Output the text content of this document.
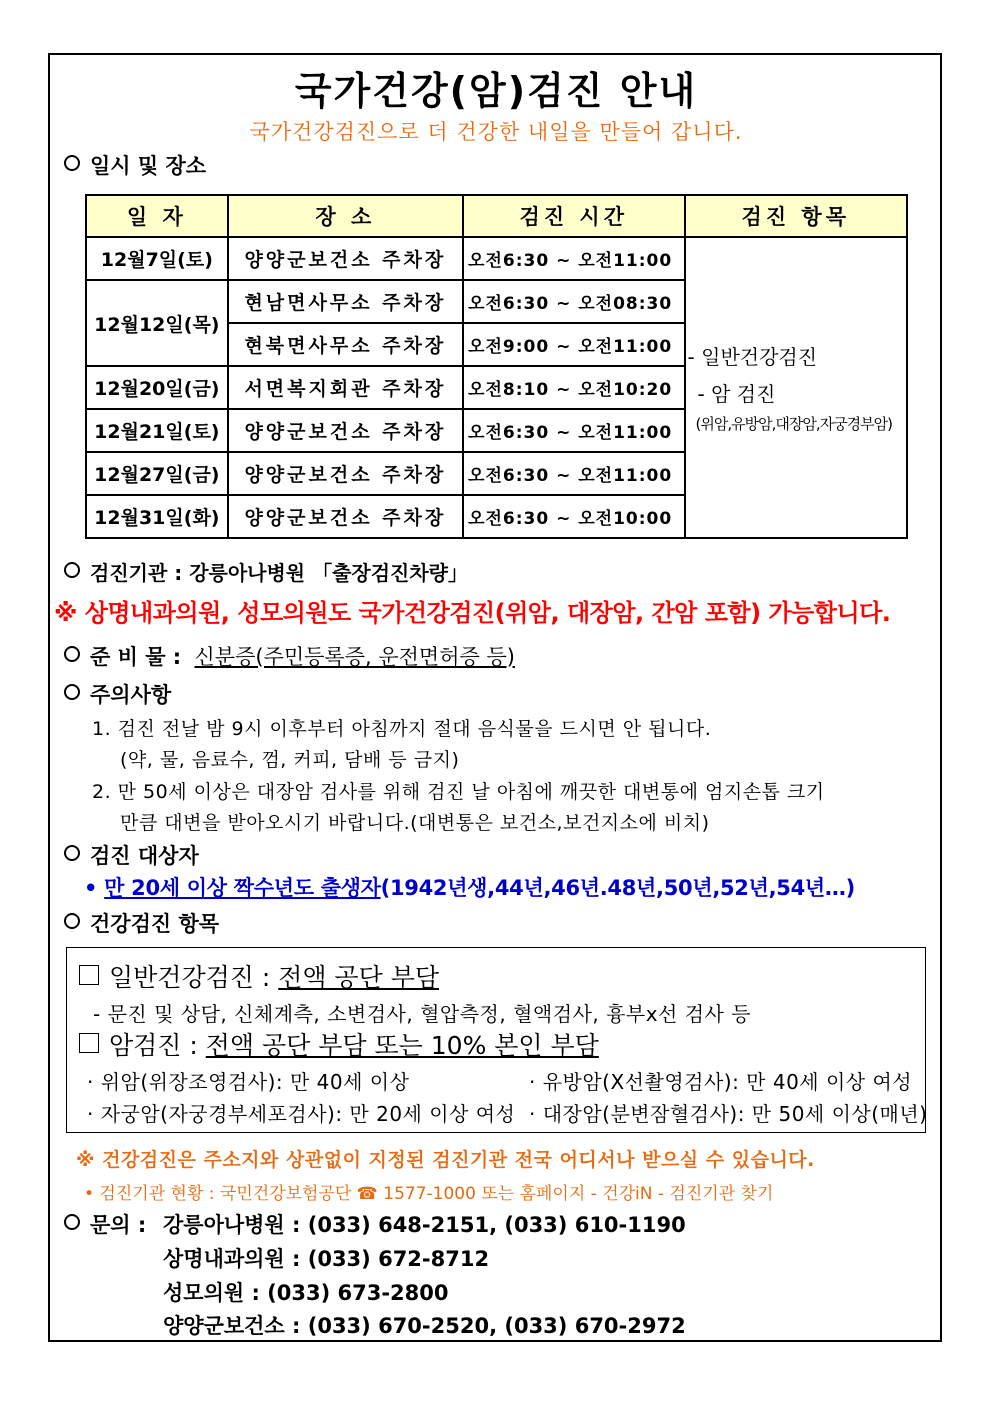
국가건강(암)검진 안내
국가건강검진으로 더 건강한 내일을 만들어 갑니다.
일시 및 장소
일 자	장 소	검진 시간	검진 항목
12월7일(토)	양양군보건소 주차장	오전6:30 ~ 오전11:00	- 일반건강검진
- 암 검진
(위암,유방암,대장암,자궁경부암)

12월12일(목)	현남면사무소 주차장	오전6:30 ~ 오전08:30	
	현북면사무소 주차장	오전9:00 ~ 오전11:00	
12월20일(금)	서면복지회관 주차장	오전8:10 ~ 오전10:20	
12월21일(토)	양양군보건소 주차장	오전6:30 ~ 오전11:00	
12월27일(금)	양양군보건소 주차장	오전6:30 ~ 오전11:00	
12월31일(화)	양양군보건소 주차장	오전6:30 ~ 오전10:00	
검진기관 : 강릉아나병원 「출장검진차량」
※ 상명내과의원, 성모의원도 국가건강검진(위암, 대장암, 간암 포함) 가능합니다.
준 비 물 : 신분증(주민등록증, 운전면허증 등)
주의사항
1. 검진 전날 밤 9시 이후부터 아침까지 절대 음식물을 드시면 안 됩니다.
(약, 물, 음료수, 껌, 커피, 담배 등 금지)
2. 만 50세 이상은 대장암 검사를 위해 검진 날 아침에 깨끗한 대변통에 엄지손톱 크기
만큼 대변을 받아오시기 바랍니다.(대변통은 보건소,보건지소에 비치)
검진 대상자
• 만 20세 이상 짝수년도 출생자(1942년생,44년,46년.48년,50년,52년,54년…)
건강검진 항목
일반건강검진 : 전액 공단 부담
- 문진 및 상담, 신체계측, 소변검사, 혈압측정, 혈액검사, 흉부x선 검사 등
암검진 : 전액 공단 부담 또는 10% 본인 부담
· 위암(위장조영검사): 만 40세 이상	· 유방암(X선촬영검사): 만 40세 이상 여성
· 자궁암(자궁경부세포검사): 만 20세 이상 여성 · 대장암(분변잠혈검사): 만 50세 이상(매년)
※ 건강검진은 주소지와 상관없이 지정된 검진기관 전국 어디서나 받으실 수 있습니다.
• 검진기관 현황 : 국민건강보험공단 ☎ 1577-1000 또는 홈페이지 - 건강iN - 검진기관 찾기
문의 : 강릉아나병원 : (033) 648-2151, (033) 610-1190
상명내과의원 : (033) 672-8712
성모의원 : (033) 673-2800
양양군보건소 : (033) 670-2520, (033) 670-2972
